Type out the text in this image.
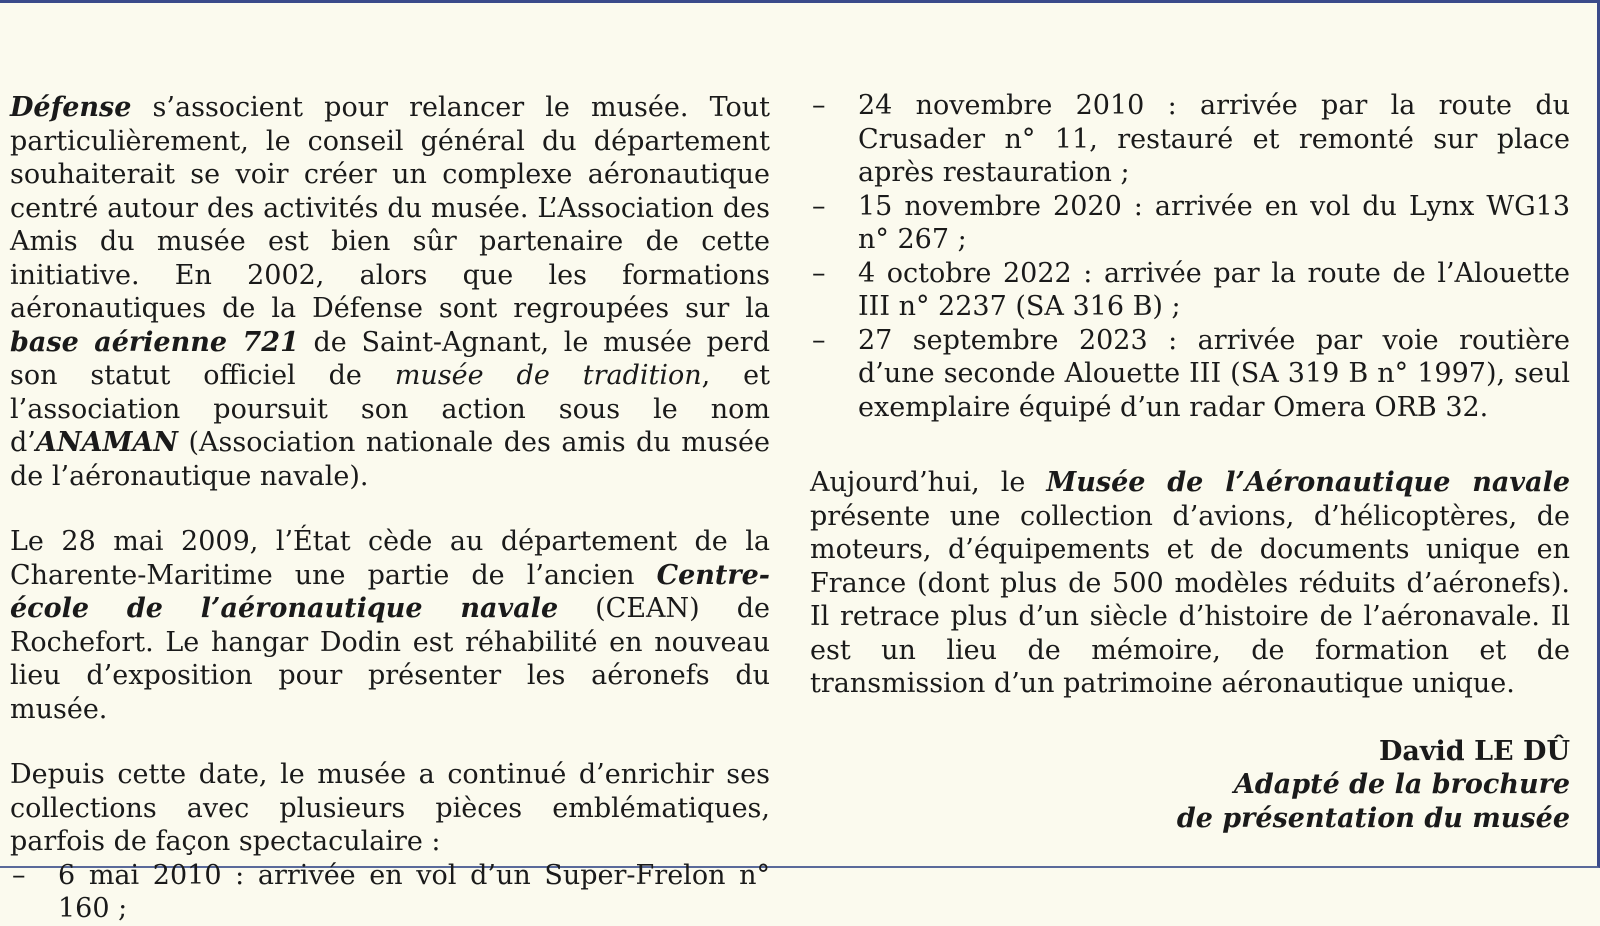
Défense s’associent pour relancer le musée. Tout particulièrement, le conseil général du département souhaiterait se voir créer un complexe aéronautique centré autour des activités du musée. L’Association des Amis du musée est bien sûr partenaire de cette initiative. En 2002, alors que les formations aéronautiques de la Défense sont regroupées sur la base aérienne 721 de Saint-Agnant, le musée perd son statut officiel de musée de tradition, et l’association poursuit son action sous le nom d’ANAMAN (Association nationale des amis du musée de l’aéronautique navale).

Le 28 mai 2009, l’État cède au département de la Charente-Maritime une partie de l’ancien Centre-école de l’aéronautique navale (CEAN) de Rochefort. Le hangar Dodin est réhabilité en nouveau lieu d’exposition pour présenter les aéronefs du musée.

Depuis cette date, le musée a continué d’enrichir ses collections avec plusieurs pièces emblématiques, parfois de façon spectaculaire :

– 6 mai 2010 : arrivée en vol d’un Super-Frelon n° 160 ;
– 24 novembre 2010 : arrivée par la route du Crusader n° 11, restauré et remonté sur place après restauration ;
– 15 novembre 2020 : arrivée en vol du Lynx WG13 n° 267 ;
– 4 octobre 2022 : arrivée par la route de l’Alouette III n° 2237 (SA 316 B) ;
– 27 septembre 2023 : arrivée par voie routière d’une seconde Alouette III (SA 319 B n° 1997), seul exemplaire équipé d’un radar Omera ORB 32.

Aujourd’hui, le Musée de l’Aéronautique navale présente une collection d’avions, d’hélicoptères, de moteurs, d’équipements et de documents unique en France (dont plus de 500 modèles réduits d’aéronefs). Il retrace plus d’un siècle d’histoire de l’aéronavale. Il est un lieu de mémoire, de formation et de transmission d’un patrimoine aéronautique unique.

David LE DÛ
Adapté de la brochure
de présentation du musée
